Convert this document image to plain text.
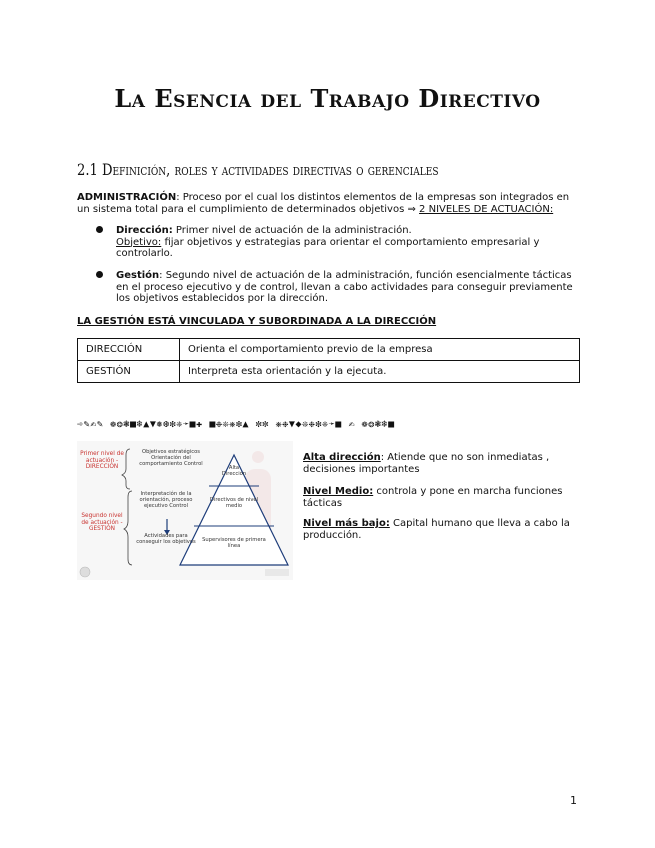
La Esencia del Trabajo Directivo
2.1 Definición, roles y actividades directivas o gerenciales
ADMINISTRACIÓN: Proceso por el cual los distintos elementos de la empresas son integrados en un sistema total para el cumplimiento de determinados objetivos ⇒ 2 NIVELES DE ACTUACIÓN:
Dirección: Primer nivel de actuación de la administración.
Objetivo: fijar objetivos y estrategias para orientar el comportamiento empresarial y controlarlo.
Gestión: Segundo nivel de actuación de la administración, función esencialmente tácticas en el proceso ejecutivo y de control, llevan a cabo actividades para conseguir previamente los objetivos establecidos por la dirección.
LA GESTIÓN ESTÁ VINCULADA Y SUBORDINADA A LA DIRECCIÓN
DIRECCIÓN	Orienta el comportamiento previo de la empresa
GESTIÓN	Interpreta esta orientación y la ejecuta.
➾✎✍✎ ❁❂❃■❄▲▼❅❆❇❈➛■✚ ■❉❊❋❇▲ ✼✼ ❋❉▼◆❊❉❇❈➛■ ✍ ❁❂❃❄■
Primer nivel de actuación - DIRECCIÓN
Segundo nivel de actuación - GESTIÓN
Objetivos estratégicos Orientación del comportamiento Control
Interpretación de la orientación, proceso ejecutivo Control
Actividades para conseguir los objetivos
Alta Dirección
Directivos de nivel medio
Supervisores de primera línea
Alta dirección: Atiende que no son inmediatas , decisiones importantes
Nivel Medio: controla y pone en marcha funciones tácticas
Nivel más bajo: Capital humano que lleva a cabo la producción.
1
